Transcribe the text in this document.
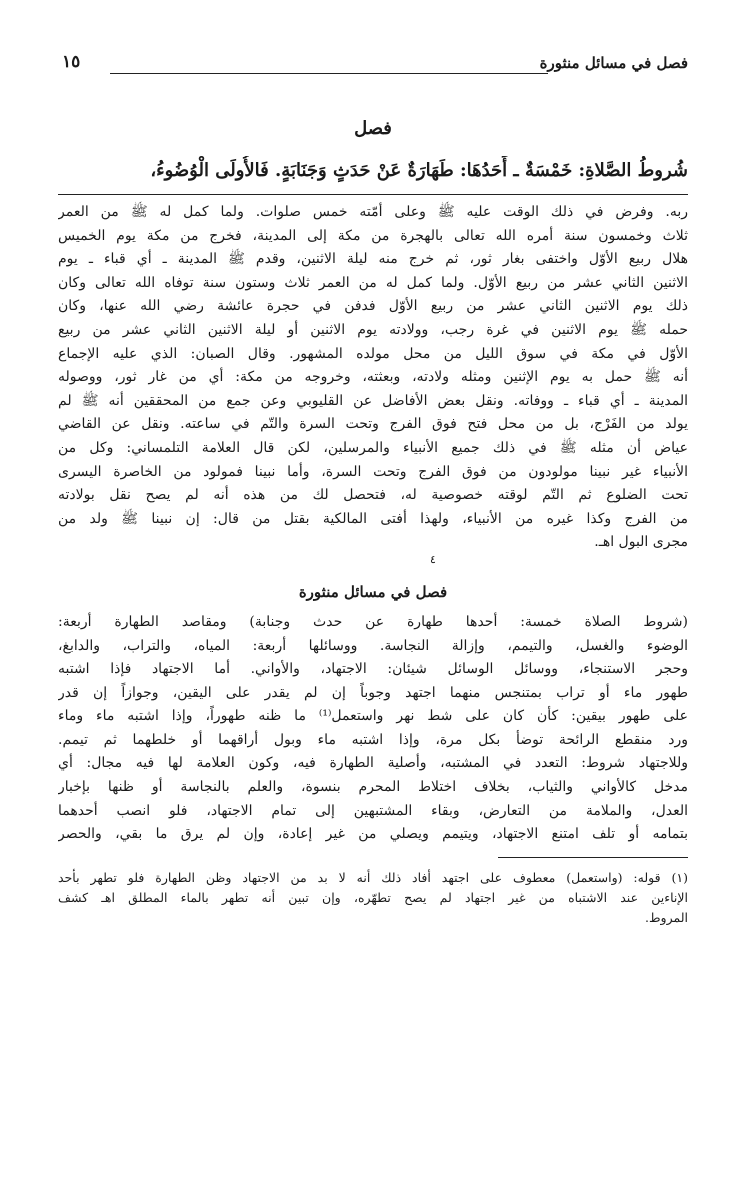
فصل في مسائل منثورة
١٥
فصل
شُروطُ الصَّلاةِ: خَمْسَةٌ ـ أَحَدُهَا: طَهَارَةٌ عَنْ حَدَثٍ وَجَنَابَةٍ. فَالأُولَى الْوُضُوءُ،
ربه. وفرض في ذلك الوقت عليه ﷺ وعلى أمّته خمس صلوات. ولما كمل له ﷺ من العمر
ثلاث وخمسون سنة أمره الله تعالى بالهجرة من مكة إلى المدينة، فخرج من مكة يوم الخميس
هلال ربيع الأوّل واختفى بغار ثور، ثم خرج منه ليلة الاثنين، وقدم ﷺ المدينة ـ أي قباء ـ يوم
الاثنين الثاني عشر من ربيع الأوّل. ولما كمل له من العمر ثلاث وستون سنة توفاه الله تعالى وكان
ذلك يوم الاثنين الثاني عشر من ربيع الأوّل فدفن في حجرة عائشة رضي الله عنها، وكان
حمله ﷺ يوم الاثنين في غرة رجب، وولادته يوم الاثنين أو ليلة الاثنين الثاني عشر من ربيع
الأوّل في مكة في سوق الليل من محل مولده المشهور. وقال الصبان: الذي عليه الإجماع
أنه ﷺ حمل به يوم الإثنين ومثله ولادته، وبعثته، وخروجه من مكة: أي من غار ثور، ووصوله
المدينة ـ أي قباء ـ ووفاته. ونقل بعض الأفاضل عن القليوبي وعن جمع من المحققين أنه ﷺ لم
يولد من الفَرْج، بل من محل فتح فوق الفرج وتحت السرة والتّم في ساعته. ونقل عن القاضي
عياض أن مثله ﷺ في ذلك جميع الأنبياء والمرسلين، لكن قال العلامة التلمساني: وكل من
الأنبياء غير نبينا مولودون من فوق الفرج وتحت السرة، وأما نبينا فمولود من الخاصرة اليسرى
تحت الضلوع ثم التّم لوقته خصوصية له، فتحصل لك من هذه أنه لم يصح نقل بولادته
من الفرج وكذا غيره من الأنبياء، ولهذا أفتى المالكية بقتل من قال: إن نبينا ﷺ ولد من
مجرى البول اهـ.
٤
فصل في مسائل منثورة
(شروط الصلاة خمسة: أحدها طهارة عن حدث وجنابة) ومقاصد الطهارة أربعة:
الوضوء والغسل، والتيمم، وإزالة النجاسة. ووسائلها أربعة: المياه، والتراب، والدابغ،
وحجر الاستنجاء، ووسائل الوسائل شيئان: الاجتهاد، والأواني. أما الاجتهاد فإذا اشتبه
طهور ماء أو تراب بمتنجس منهما اجتهد وجوباً إن لم يقدر على اليقين، وجوازاً إن قدر
على طهور بيقين: كأن كان على شط نهر واستعمل⁽¹⁾ ما ظنه طهوراً، وإذا اشتبه ماء وماء
ورد منقطع الرائحة توضأ بكل مرة، وإذا اشتبه ماء وبول أراقهما أو خلطهما ثم تيمم.
وللاجتهاد شروط: التعدد في المشتبه، وأصلية الطهارة فيه، وكون العلامة لها فيه مجال: أي
مدخل كالأواني والثياب، بخلاف اختلاط المحرم بنسوة، والعلم بالنجاسة أو ظنها بإخبار
العدل، والملامة من التعارض، وبقاء المشتبهين إلى تمام الاجتهاد، فلو انصب أحدهما
بتمامه أو تلف امتنع الاجتهاد، ويتيمم ويصلي من غير إعادة، وإن لم يرق ما بقي، والحصر
(١) قوله: (واستعمل) معطوف على اجتهد أفاد ذلك أنه لا بد من الاجتهاد وظن الطهارة فلو تطهر بأحد
الإناءين عند الاشتباه من غير اجتهاد لم يصح تطهّره، وإن تبين أنه تطهر بالماء المطلق اهـ كشف
المروط.
